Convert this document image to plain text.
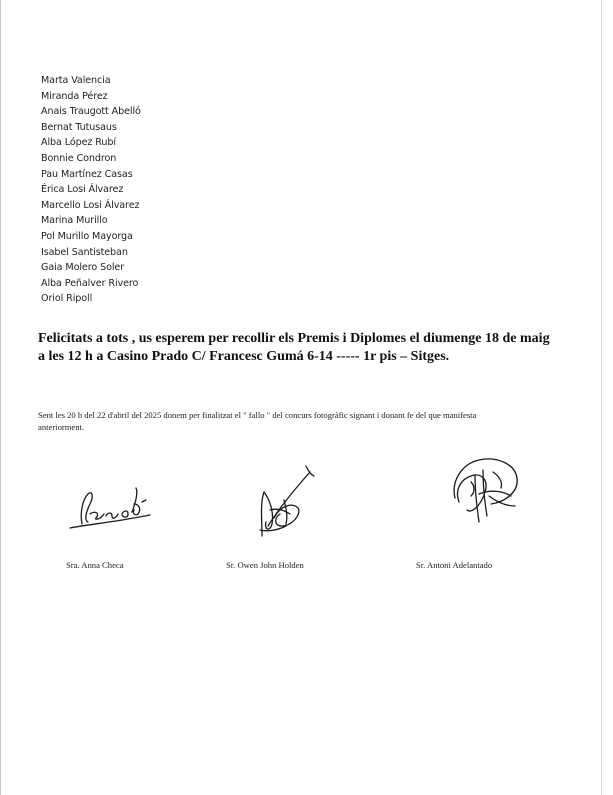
Marta Valencia
Miranda Pérez
Anais Traugott Abelló
Bernat Tutusaus
Alba López Rubí
Bonnie Condron
Pau Martínez Casas
Érica Losi Álvarez
Marcello Losi Álvarez
Marina Murillo
Pol Murillo Mayorga
Isabel Santisteban
Gaia Molero Soler
Alba Peñalver Rivero
Oriol Ripoll

Felicitats a tots , us esperem per recollir els Premis i Diplomes el diumenge 18 de maig
a les 12 h a Casino Prado C/ Francesc Gumá 6-14 ----- 1r pis – Sitges.

Sent les 20 h del 22 d'abril del 2025 donem per finalitzat el " fallo " del concurs fotogràfic signant i donant fe del que manifesta
anteriorment.

Sra. Anna Checa	Sr. Owen John Holden	Sr. Antoni Adelantado
